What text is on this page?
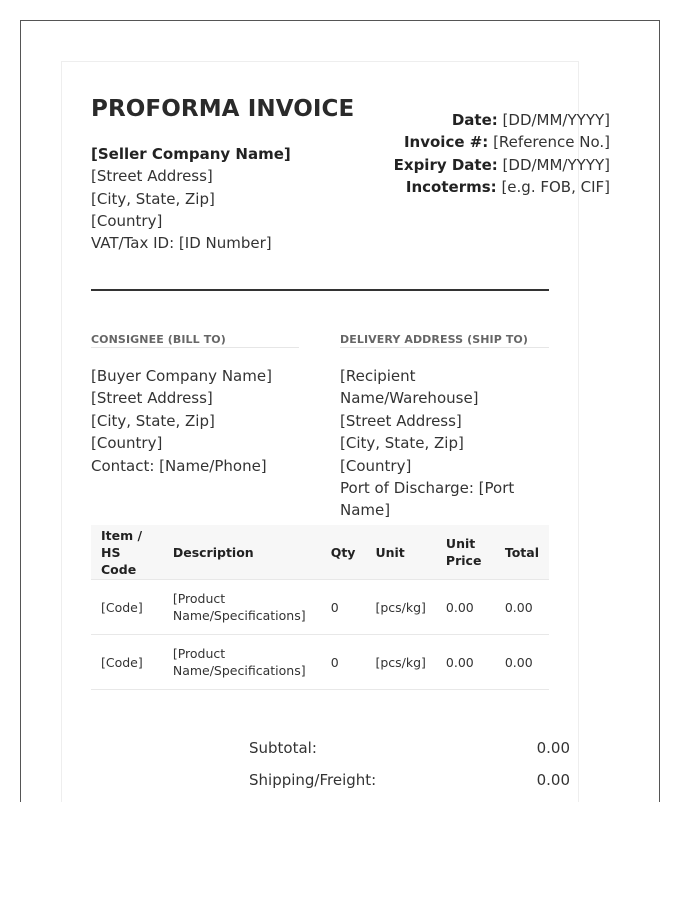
PROFORMA INVOICE
[Seller Company Name]
[Street Address]
[City, State, Zip]
[Country]
VAT/Tax ID: [ID Number]
Date: [DD/MM/YYYY]
Invoice #: [Reference No.]
Expiry Date: [DD/MM/YYYY]
Incoterms: [e.g. FOB, CIF]
CONSIGNEE (BILL TO)
[Buyer Company Name]
[Street Address]
[City, State, Zip]
[Country]
Contact: [Name/Phone]
DELIVERY ADDRESS (SHIP TO)
[Recipient Name/Warehouse]
[Street Address]
[City, State, Zip]
[Country]
Port of Discharge: [Port Name]
Item / HS Code	Description	Qty	Unit	Unit Price	Total
[Code]	[Product Name/Specifications]	0	[pcs/kg]	0.00	0.00
[Code]	[Product Name/Specifications]	0	[pcs/kg]	0.00	0.00
Subtotal:	0.00
Shipping/Freight:	0.00
